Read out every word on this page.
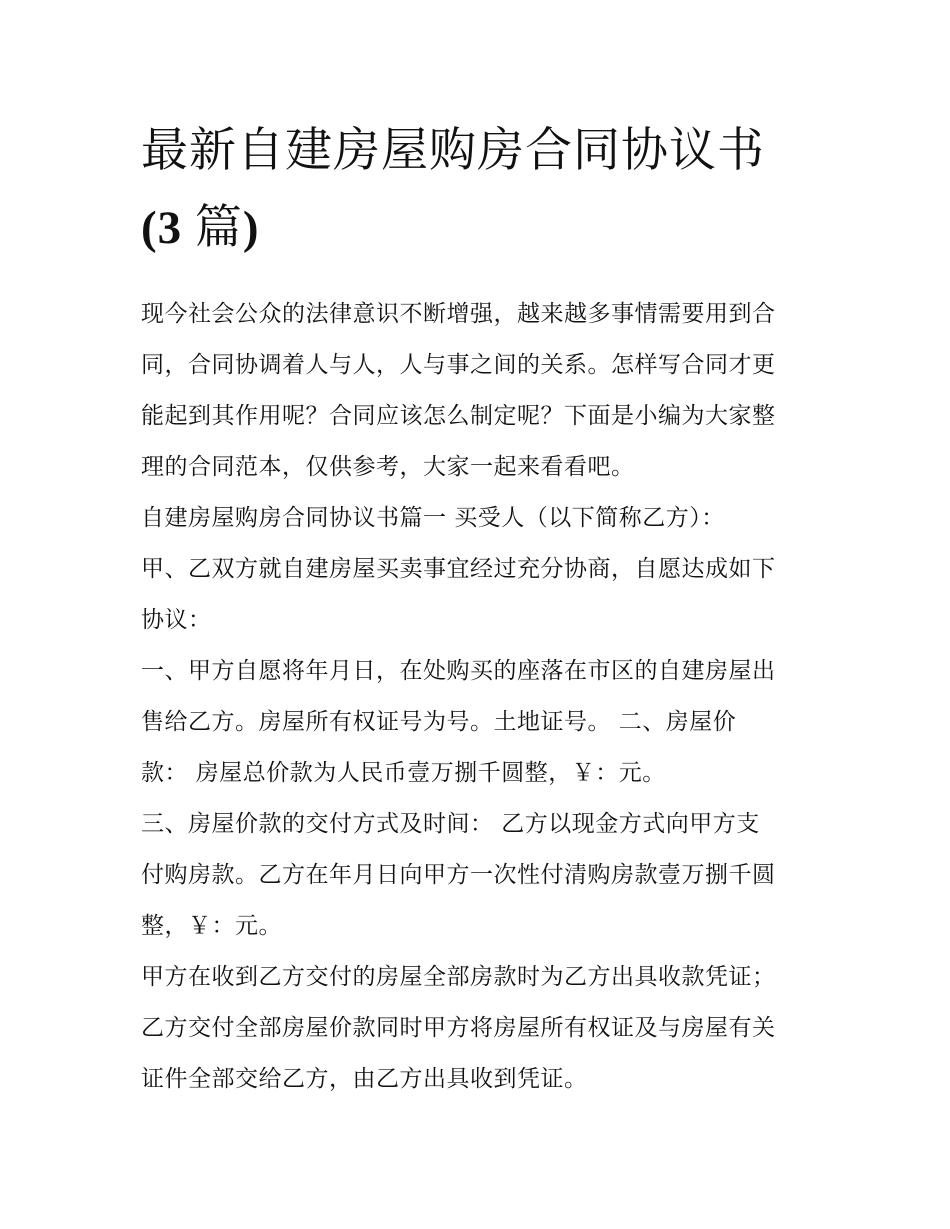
最新自建房屋购房合同协议书
(3 篇)

现今社会公众的法律意识不断增强，越来越多事情需要用到合
同，合同协调着人与人，人与事之间的关系。怎样写合同才更
能起到其作用呢？合同应该怎么制定呢？下面是小编为大家整
理的合同范本，仅供参考，大家一起来看看吧。

自建房屋购房合同协议书篇一 买受人（以下简称乙方）：

甲、乙双方就自建房屋买卖事宜经过充分协商，自愿达成如下
协议：

一、甲方自愿将年月日，在处购买的座落在市区的自建房屋出
售给乙方。房屋所有权证号为号。土地证号。 二、房屋价
款： 房屋总价款为人民币壹万捌千圆整，￥：元。

三、房屋价款的交付方式及时间： 乙方以现金方式向甲方支
付购房款。乙方在年月日向甲方一次性付清购房款壹万捌千圆
整，￥：元。

甲方在收到乙方交付的房屋全部房款时为乙方出具收款凭证；
乙方交付全部房屋价款同时甲方将房屋所有权证及与房屋有关
证件全部交给乙方，由乙方出具收到凭证。
